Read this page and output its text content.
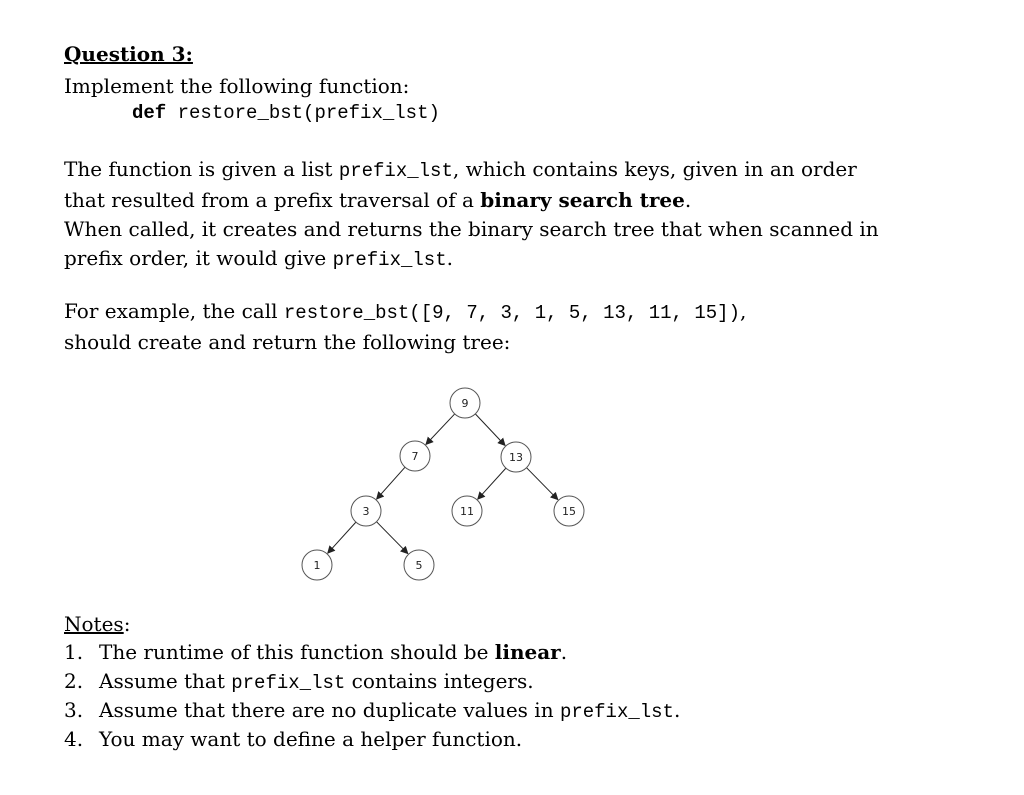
Question 3:
Implement the following function:
def restore_bst(prefix_lst)
The function is given a list prefix_lst, which contains keys, given in an order
that resulted from a prefix traversal of a binary search tree.
When called, it creates and returns the binary search tree that when scanned in
prefix order, it would give prefix_lst.
For example, the call restore_bst([9, 7, 3, 1, 5, 13, 11, 15]),
should create and return the following tree:
9
7	13
3	11	15
1	5
Notes:
1. The runtime of this function should be linear.
2. Assume that prefix_lst contains integers.
3. Assume that there are no duplicate values in prefix_lst.
4. You may want to define a helper function.
